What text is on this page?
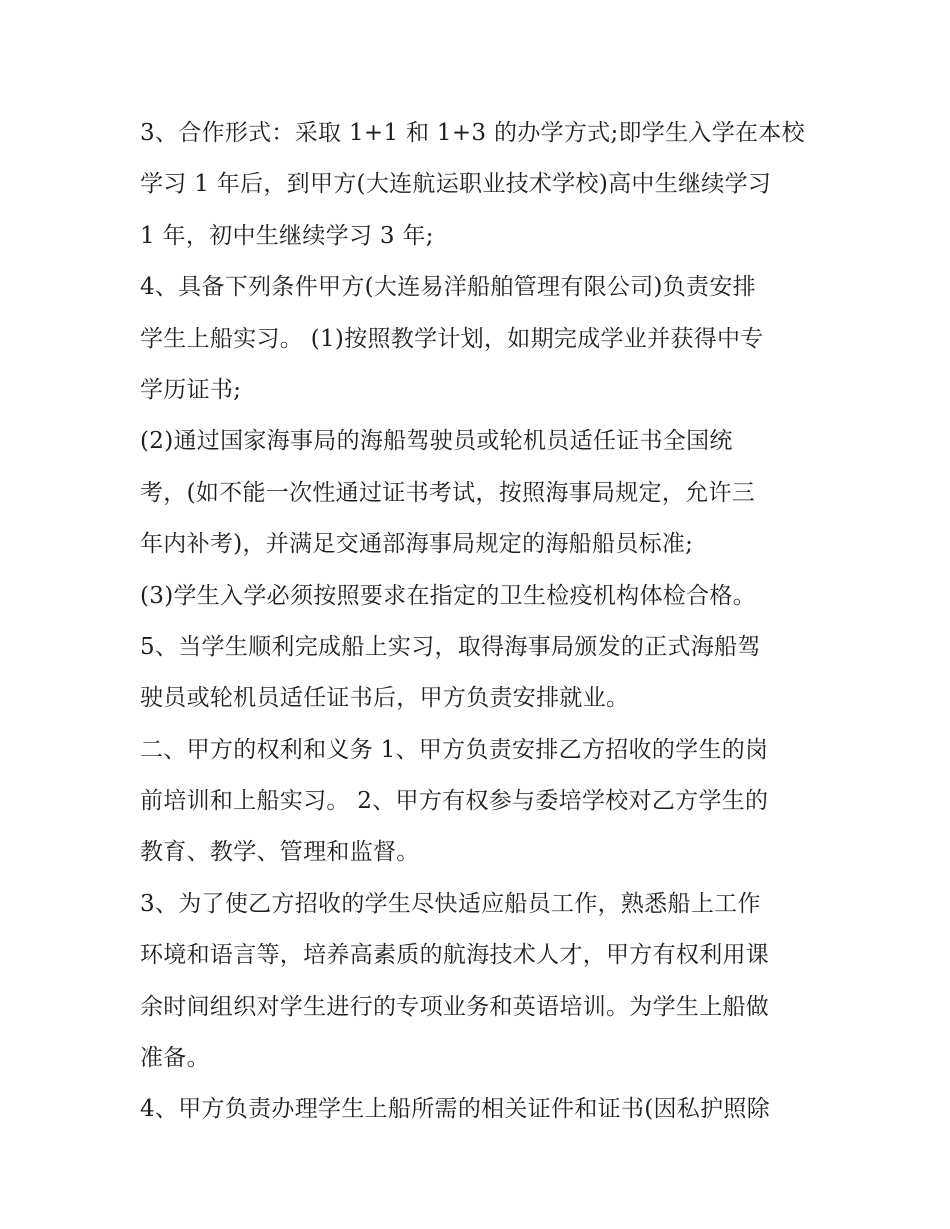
3、合作形式：采取 1+1 和 1+3 的办学方式;即学生入学在本校
学习 1 年后，到甲方(大连航运职业技术学校)高中生继续学习
1 年，初中生继续学习 3 年;
4、具备下列条件甲方(大连易洋船舶管理有限公司)负责安排
学生上船实习。 (1)按照教学计划，如期完成学业并获得中专
学历证书;
(2)通过国家海事局的海船驾驶员或轮机员适任证书全国统
考，(如不能一次性通过证书考试，按照海事局规定，允许三
年内补考)，并满足交通部海事局规定的海船船员标准;
(3)学生入学必须按照要求在指定的卫生检疫机构体检合格。
5、当学生顺利完成船上实习，取得海事局颁发的正式海船驾
驶员或轮机员适任证书后，甲方负责安排就业。
二、甲方的权利和义务 1、甲方负责安排乙方招收的学生的岗
前培训和上船实习。 2、甲方有权参与委培学校对乙方学生的
教育、教学、管理和监督。
3、为了使乙方招收的学生尽快适应船员工作，熟悉船上工作
环境和语言等，培养高素质的航海技术人才，甲方有权利用课
余时间组织对学生进行的专项业务和英语培训。为学生上船做
准备。
4、甲方负责办理学生上船所需的相关证件和证书(因私护照除
